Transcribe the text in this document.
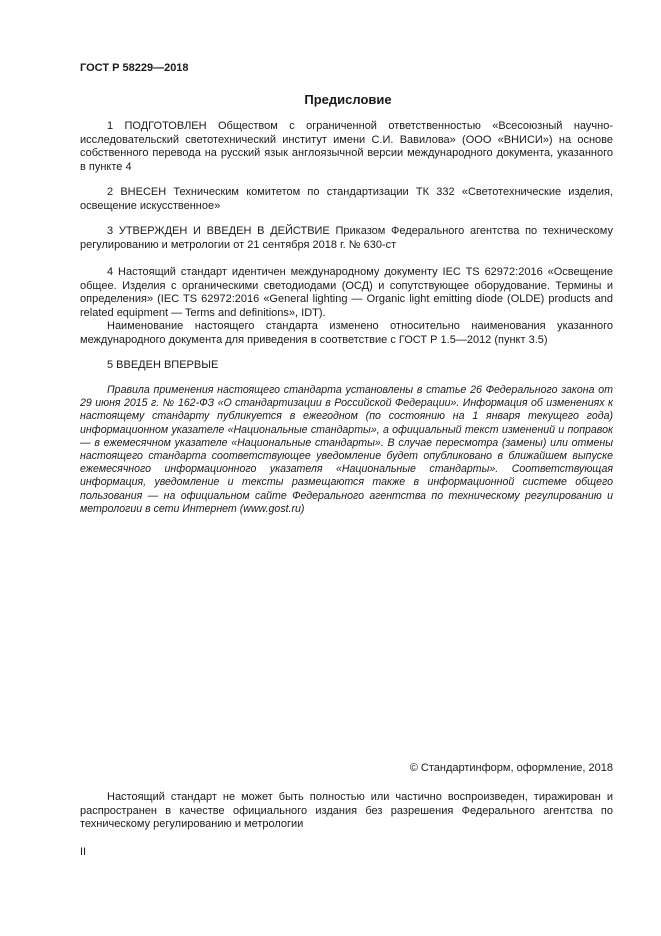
ГОСТ Р 58229—2018
Предисловие

1 ПОДГОТОВЛЕН Обществом с ограниченной ответственностью «Всесоюзный научно-исследовательский светотехнический институт имени С.И. Вавилова» (ООО «ВНИСИ») на основе собственного перевода на русский язык англоязычной версии международного документа, указанного в пункте 4

2 ВНЕСЕН Техническим комитетом по стандартизации ТК 332 «Светотехнические изделия, освещение искусственное»

3 УТВЕРЖДЕН И ВВЕДЕН В ДЕЙСТВИЕ Приказом Федерального агентства по техническому регулированию и метрологии от 21 сентября 2018 г. № 630-ст

4 Настоящий стандарт идентичен международному документу IEC TS 62972:2016 «Освещение общее. Изделия с органическими светодиодами (ОСД) и сопутствующее оборудование. Термины и определения» (IEC TS 62972:2016 «General lighting — Organic light emitting diode (OLDE) products and related equipment — Terms and definitions», IDT).

Наименование настоящего стандарта изменено относительно наименования указанного международного документа для приведения в соответствие с ГОСТ Р 1.5—2012 (пункт 3.5)

5 ВВЕДЕН ВПЕРВЫЕ

Правила применения настоящего стандарта установлены в статье 26 Федерального закона от 29 июня 2015 г. № 162-ФЗ «О стандартизации в Российской Федерации». Информация об изменениях к настоящему стандарту публикуется в ежегодном (по состоянию на 1 января текущего года) информационном указателе «Национальные стандарты», а официальный текст изменений и поправок — в ежемесячном указателе «Национальные стандарты». В случае пересмотра (замены) или отмены настоящего стандарта соответствующее уведомление будет опубликовано в ближайшем выпуске ежемесячного информационного указателя «Национальные стандарты». Соответствующая информация, уведомление и тексты размещаются также в информационной системе общего пользования — на официальном сайте Федерального агентства по техническому регулированию и метрологии в сети Интернет (www.gost.ru)

© Стандартинформ, оформление, 2018

Настоящий стандарт не может быть полностью или частично воспроизведен, тиражирован и распространен в качестве официального издания без разрешения Федерального агентства по техническому регулированию и метрологии

II
